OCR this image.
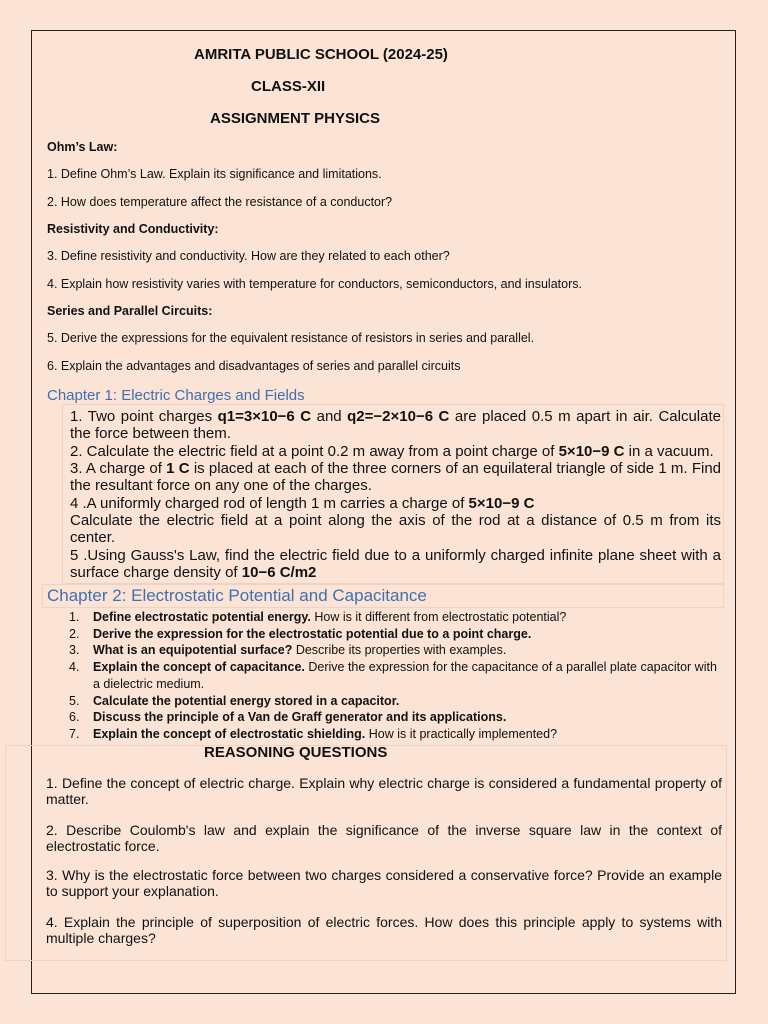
AMRITA PUBLIC SCHOOL (2024-25)
CLASS-XII
ASSIGNMENT PHYSICS
Ohm’s Law:
1. Define Ohm’s Law. Explain its significance and limitations.
2. How does temperature affect the resistance of a conductor?
Resistivity and Conductivity:
3. Define resistivity and conductivity. How are they related to each other?
4. Explain how resistivity varies with temperature for conductors, semiconductors, and insulators.
Series and Parallel Circuits:
5. Derive the expressions for the equivalent resistance of resistors in series and parallel.
6. Explain the advantages and disadvantages of series and parallel circuits
Chapter 1: Electric Charges and Fields
1. Two point charges q1=3×10−6 C and q2=−2×10−6 C are placed 0.5 m apart in air. Calculate the force between them.
2. Calculate the electric field at a point 0.2 m away from a point charge of 5×10−9 C in a vacuum.
3. A charge of 1 C is placed at each of the three corners of an equilateral triangle of side 1 m. Find the resultant force on any one of the charges.
4 .A uniformly charged rod of length 1 m carries a charge of 5×10−9 C
Calculate the electric field at a point along the axis of the rod at a distance of 0.5 m from its center.
5 .Using Gauss's Law, find the electric field due to a uniformly charged infinite plane sheet with a surface charge density of 10−6 C/m2
Chapter 2: Electrostatic Potential and Capacitance
1. Define electrostatic potential energy. How is it different from electrostatic potential?
2. Derive the expression for the electrostatic potential due to a point charge.
3. What is an equipotential surface? Describe its properties with examples.
4. Explain the concept of capacitance. Derive the expression for the capacitance of a parallel plate capacitor with a dielectric medium.
5. Calculate the potential energy stored in a capacitor.
6. Discuss the principle of a Van de Graff generator and its applications.
7. Explain the concept of electrostatic shielding. How is it practically implemented?
REASONING QUESTIONS
1. Define the concept of electric charge. Explain why electric charge is considered a fundamental property of matter.
2. Describe Coulomb's law and explain the significance of the inverse square law in the context of electrostatic force.
3. Why is the electrostatic force between two charges considered a conservative force? Provide an example to support your explanation.
4. Explain the principle of superposition of electric forces. How does this principle apply to systems with multiple charges?
